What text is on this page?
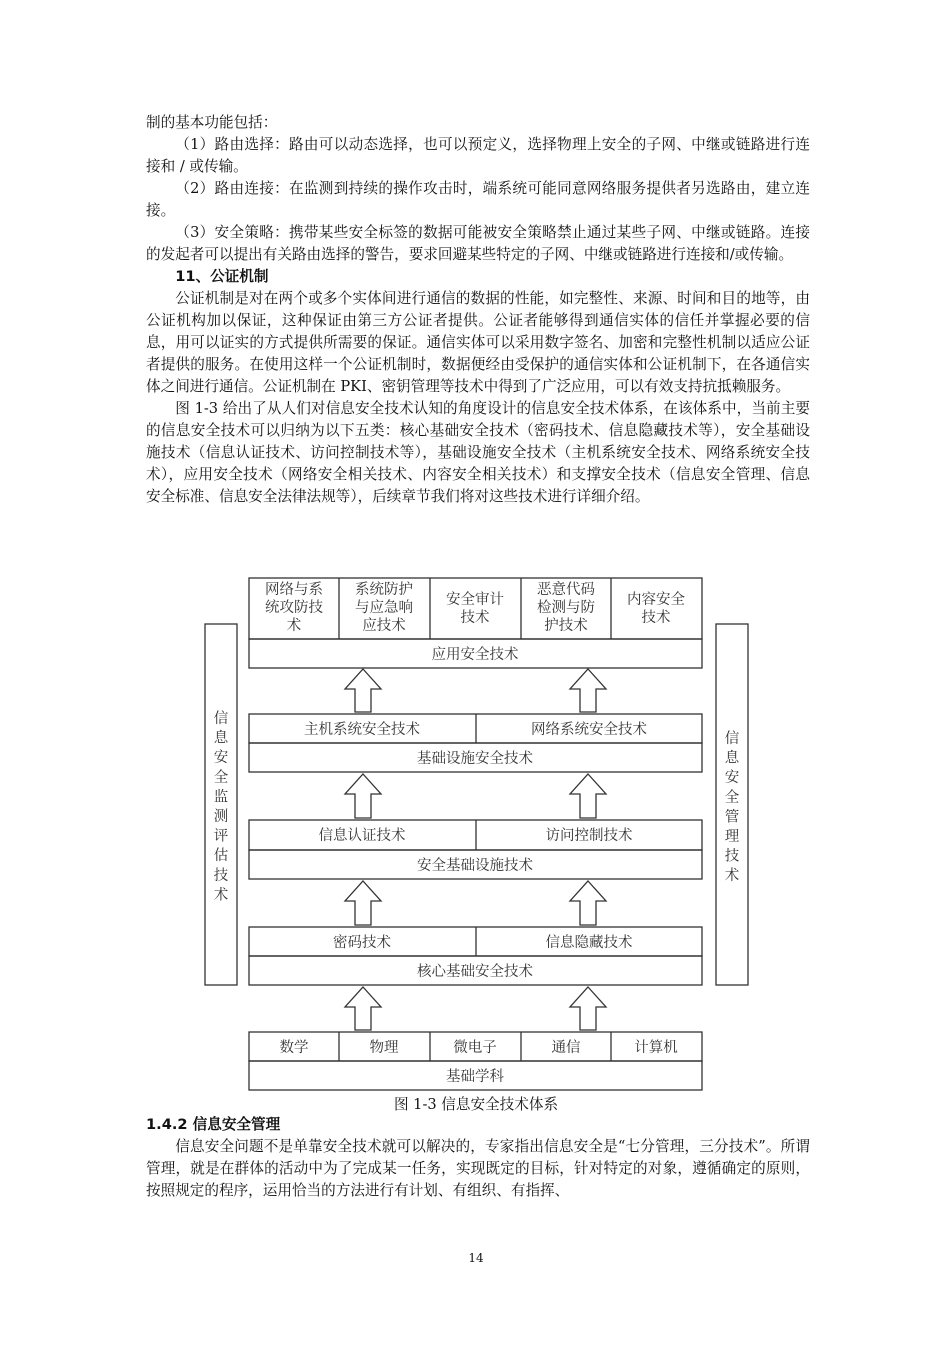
制的基本功能包括：

（1）路由选择：路由可以动态选择，也可以预定义，选择物理上安全的子网、中继或链路进行连接和 / 或传输。

（2）路由连接：在监测到持续的操作攻击时，端系统可能同意网络服务提供者另选路由，建立连接。

（3）安全策略：携带某些安全标签的数据可能被安全策略禁止通过某些子网、中继或链路。连接的发起者可以提出有关路由选择的警告，要求回避某些特定的子网、中继或链路进行连接和/或传输。

11、公证机制

公证机制是对在两个或多个实体间进行通信的数据的性能，如完整性、来源、时间和目的地等，由公证机构加以保证，这种保证由第三方公证者提供。公证者能够得到通信实体的信任并掌握必要的信息，用可以证实的方式提供所需要的保证。通信实体可以采用数字签名、加密和完整性机制以适应公证者提供的服务。在使用这样一个公证机制时，数据便经由受保护的通信实体和公证机制下，在各通信实体之间进行通信。公证机制在 PKI、密钥管理等技术中得到了广泛应用，可以有效支持抗抵赖服务。

图 1-3 给出了从人们对信息安全技术认知的角度设计的信息安全技术体系，在该体系中，当前主要的信息安全技术可以归纳为以下五类：核心基础安全技术（密码技术、信息隐藏技术等），安全基础设施技术（信息认证技术、访问控制技术等），基础设施安全技术（主机系统安全技术、网络系统安全技术），应用安全技术（网络安全相关技术、内容安全相关技术）和支撑安全技术（信息安全管理、信息安全标准、信息安全法律法规等），后续章节我们将对这些技术进行详细介绍。

网络与系
统攻防技
术
系统防护
与应急响
应技术
安全审计
技术
恶意代码
检测与防
护技术
内容安全
技术
应用安全技术
主机系统安全技术	网络系统安全技术
基础设施安全技术
信息认证技术	访问控制技术
安全基础设施技术
密码技术	信息隐藏技术
核心基础安全技术
数学	物理	微电子	通信	计算机
基础学科
信息安全监测评估技术
信息安全管理技术
图 1-3 信息安全技术体系

1.4.2 信息安全管理

信息安全问题不是单靠安全技术就可以解决的，专家指出信息安全是“七分管理，三分技术”。所谓管理，就是在群体的活动中为了完成某一任务，实现既定的目标，针对特定的对象，遵循确定的原则，按照规定的程序，运用恰当的方法进行有计划、有组织、有指挥、

14
